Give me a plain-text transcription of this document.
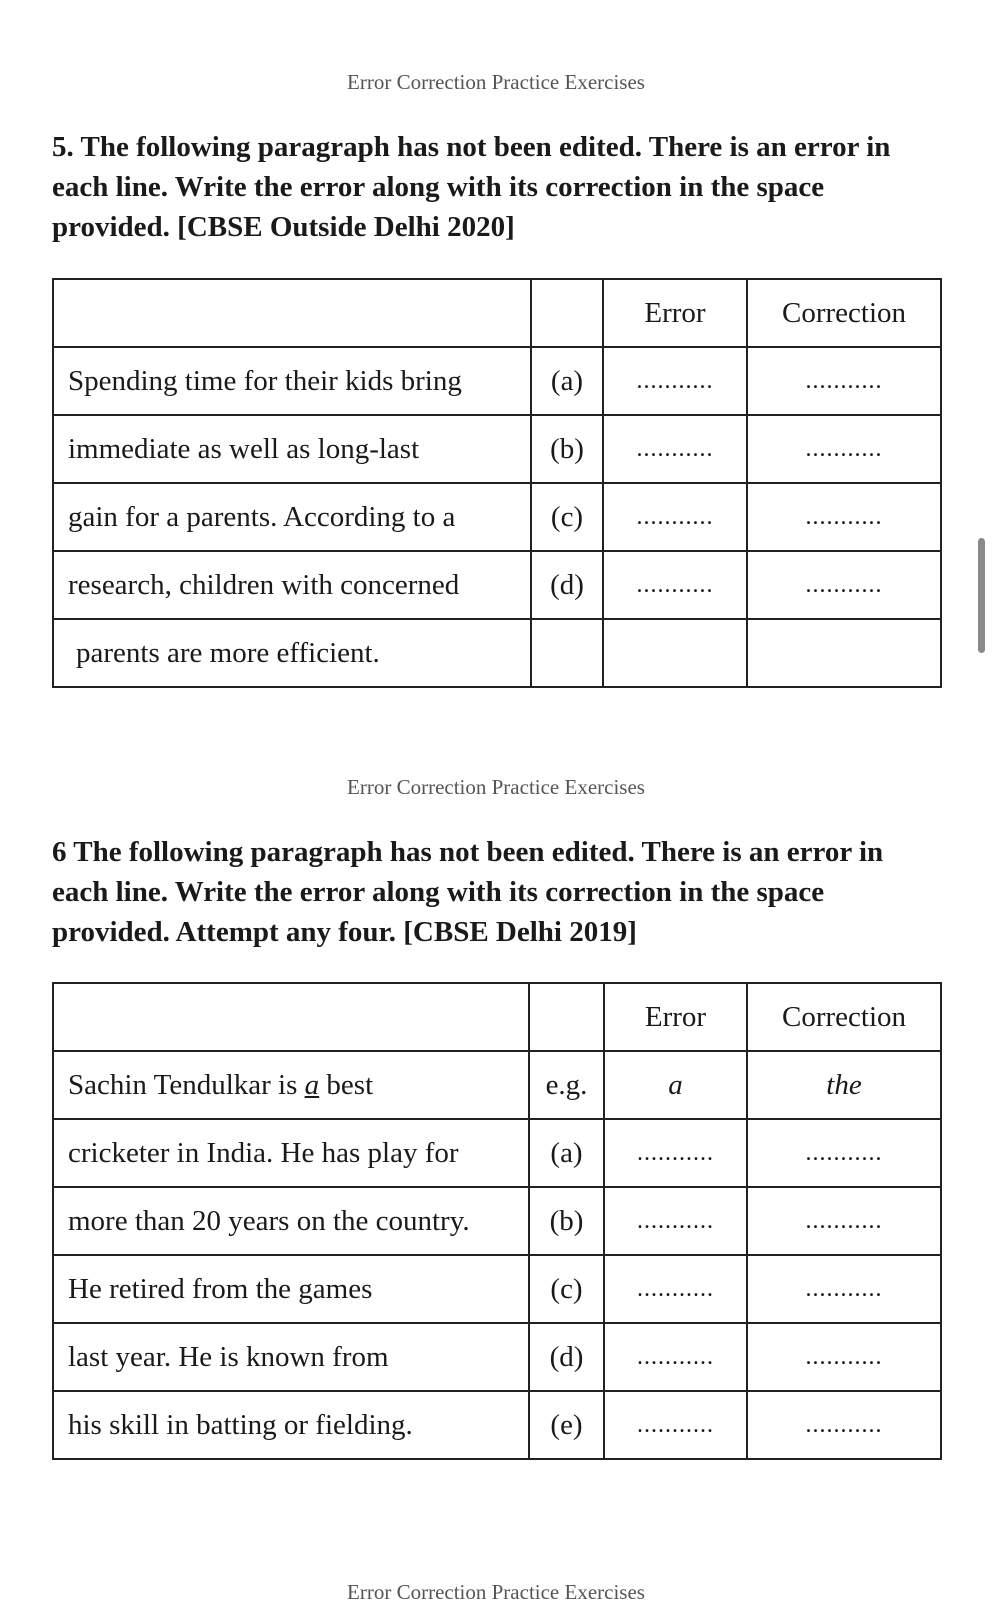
Error Correction Practice Exercises

5. The following paragraph has not been edited. There is an error in each line. Write the error along with its correction in the space provided. [CBSE Outside Delhi 2020]

		Error	Correction
Spending time for their kids bring	(a)	...........	...........
immediate as well as long-last	(b)	...........	...........
gain for a parents. According to a	(c)	...........	...........
research, children with concerned	(d)	...........	...........
parents are more efficient.			
Error Correction Practice Exercises

6 The following paragraph has not been edited. There is an error in each line. Write the error along with its correction in the space provided. Attempt any four. [CBSE Delhi 2019]

		Error	Correction
Sachin Tendulkar is a best	e.g.	a	the
cricketer in India. He has play for	(a)	...........	...........
more than 20 years on the country.	(b)	...........	...........
He retired from the games	(c)	...........	...........
last year. He is known from	(d)	...........	...........
his skill in batting or fielding.	(e)	...........	...........
Error Correction Practice Exercises
